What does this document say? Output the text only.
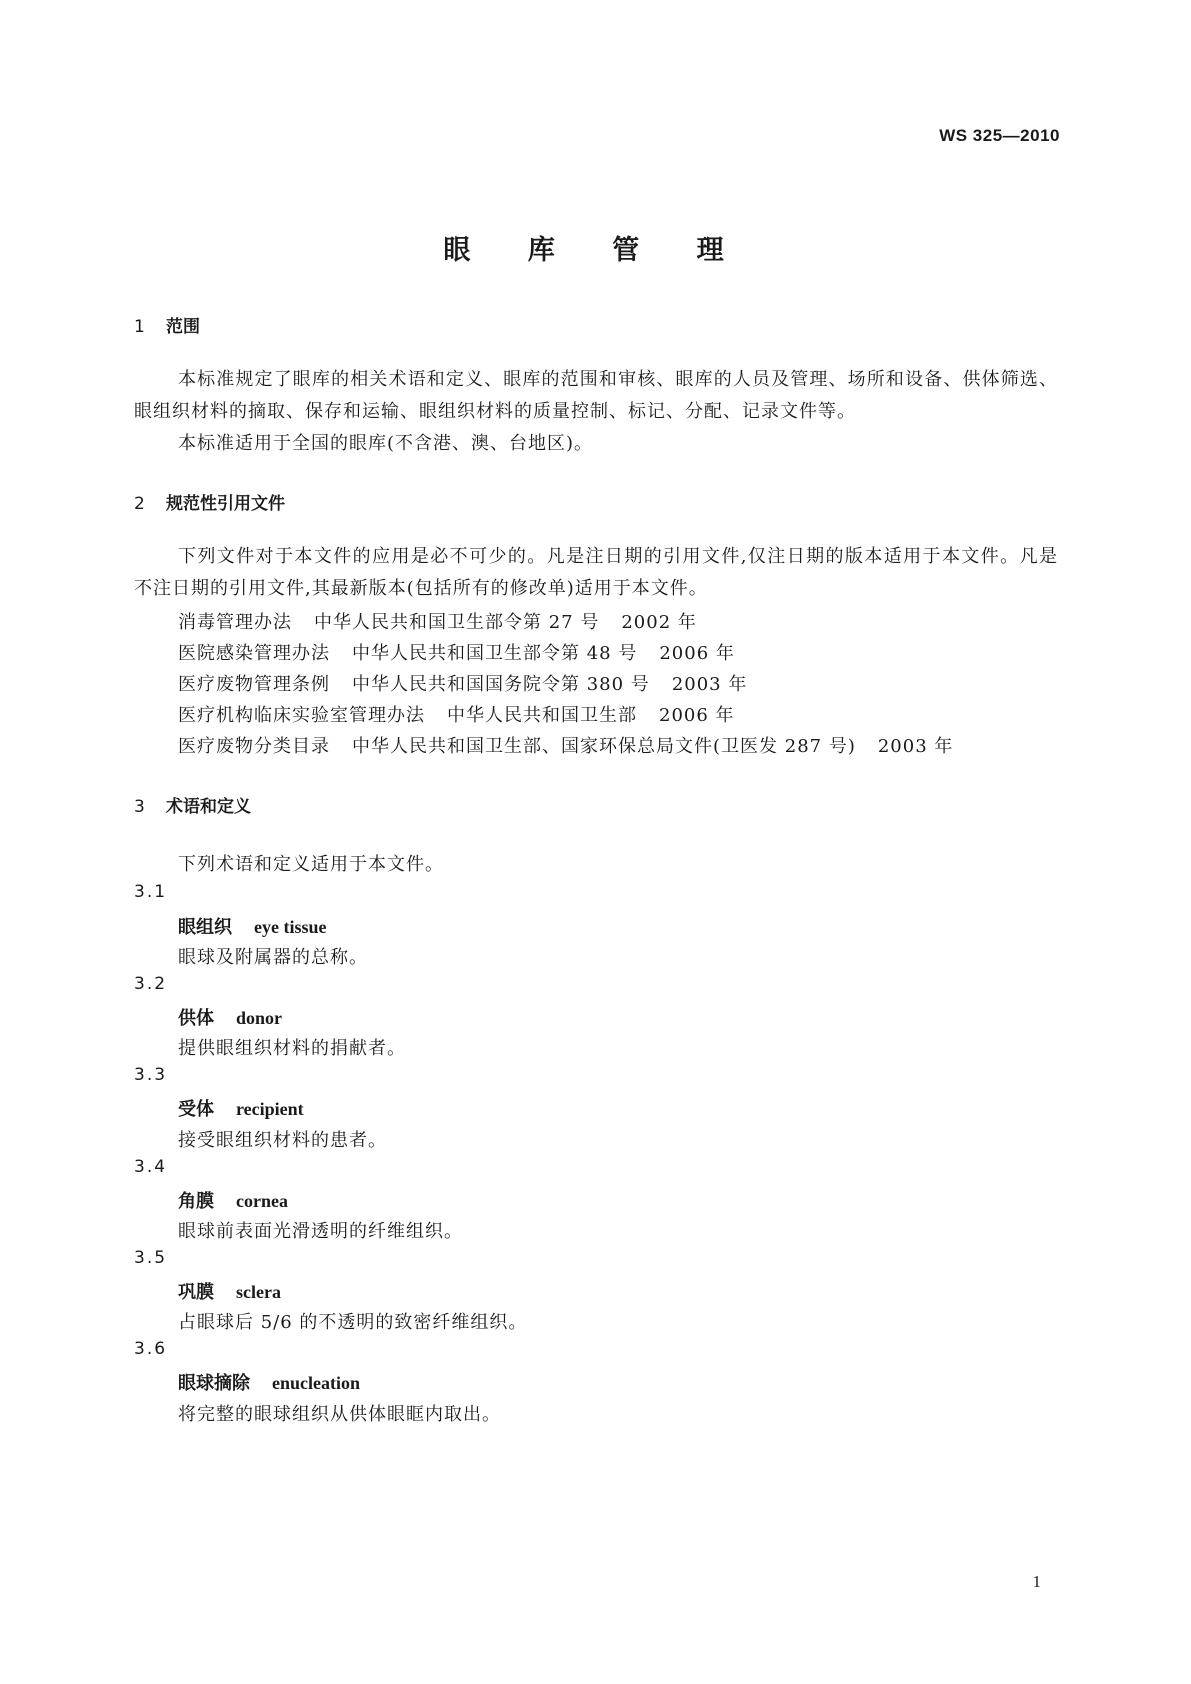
WS 325—2010
眼 库 管 理
1 范围
本标准规定了眼库的相关术语和定义、眼库的范围和审核、眼库的人员及管理、场所和设备、供体筛选、眼组织材料的摘取、保存和运输、眼组织材料的质量控制、标记、分配、记录文件等。
本标准适用于全国的眼库(不含港、澳、台地区)。
2 规范性引用文件
下列文件对于本文件的应用是必不可少的。凡是注日期的引用文件,仅注日期的版本适用于本文件。凡是不注日期的引用文件,其最新版本(包括所有的修改单)适用于本文件。
消毒管理办法 中华人民共和国卫生部令第 27 号 2002 年
医院感染管理办法 中华人民共和国卫生部令第 48 号 2006 年
医疗废物管理条例 中华人民共和国国务院令第 380 号 2003 年
医疗机构临床实验室管理办法 中华人民共和国卫生部 2006 年
医疗废物分类目录 中华人民共和国卫生部、国家环保总局文件(卫医发 287 号) 2003 年
3 术语和定义
下列术语和定义适用于本文件。
3.1
眼组织 eye tissue
眼球及附属器的总称。
3.2
供体 donor
提供眼组织材料的捐献者。
3.3
受体 recipient
接受眼组织材料的患者。
3.4
角膜 cornea
眼球前表面光滑透明的纤维组织。
3.5
巩膜 sclera
占眼球后 5/6 的不透明的致密纤维组织。
3.6
眼球摘除 enucleation
将完整的眼球组织从供体眼眶内取出。
1
